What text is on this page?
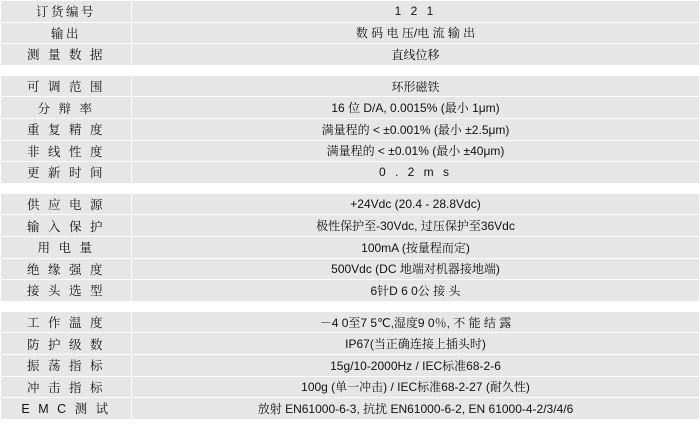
订货编号	1 2 1
输出	数 码 电 压/电 流 输 出
测 量 数 据	直线位移

可 调 范 围	环形磁铁
分 辩 率	16 位 D/A, 0.0015% (最小 1μm)
重 复 精 度	满量程的 < ±0.001% (最小 ±2.5μm)
非 线 性 度	满量程的 < ±0.01% (最小 ±40μm)
更 新 时 间	0 . 2 m s

供 应 电 源	+24Vdc (20.4 - 28.8Vdc)
输 入 保 护	极性保护至-30Vdc, 过压保护至36Vdc
用 电 量	100mA (按量程而定)
绝 缘 强 度	500Vdc (DC 地端对机器接地端)
接 头 选 型	6针D 6 0公 接 头

工 作 温 度	－4 0至7 5℃,湿度9 0％, 不 能 结 露
防 护 级 数	IP67(当正确连接上插头时)
振 荡 指 标	15g/10-2000Hz / IEC标准68-2-6
冲 击 指 标	100g (单一冲击) / IEC标准68-2-27 (耐久性)
E M C 测 试	放射 EN61000-6-3, 抗扰 EN61000-6-2, EN 61000-4-2/3/4/6
